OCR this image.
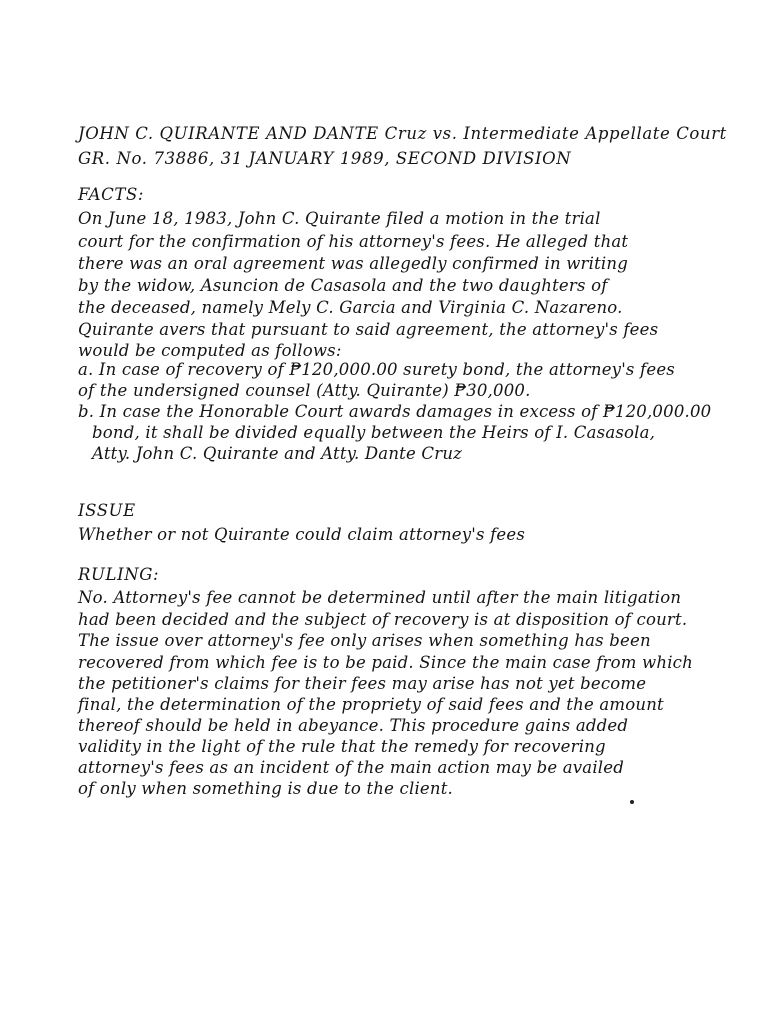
JOHN C. QUIRANTE AND DANTE Cruz vs. Intermediate Appellate Court
GR. No. 73886, 31 JANUARY 1989, SECOND DIVISION
FACTS:
On June 18, 1983, John C. Quirante filed a motion in the trial
court for the confirmation of his attorney's fees. He alleged that
there was an oral agreement was allegedly confirmed in writing
by the widow, Asuncion de Casasola and the two daughters of
the deceased, namely Mely C. Garcia and Virginia C. Nazareno.
Quirante avers that pursuant to said agreement, the attorney's fees
would be computed as follows:
a. In case of recovery of ₱120,000.00 surety bond, the attorney's fees
of the undersigned counsel (Atty. Quirante) ₱30,000.
b. In case the Honorable Court awards damages in excess of ₱120,000.00
bond, it shall be divided equally between the Heirs of I. Casasola,
Atty. John C. Quirante and Atty. Dante Cruz
ISSUE
Whether or not Quirante could claim attorney's fees
RULING:
No. Attorney's fee cannot be determined until after the main litigation
had been decided and the subject of recovery is at disposition of court.
The issue over attorney's fee only arises when something has been
recovered from which fee is to be paid. Since the main case from which
the petitioner's claims for their fees may arise has not yet become
final, the determination of the propriety of said fees and the amount
thereof should be held in abeyance. This procedure gains added
validity in the light of the rule that the remedy for recovering
attorney's fees as an incident of the main action may be availed
of only when something is due to the client.
